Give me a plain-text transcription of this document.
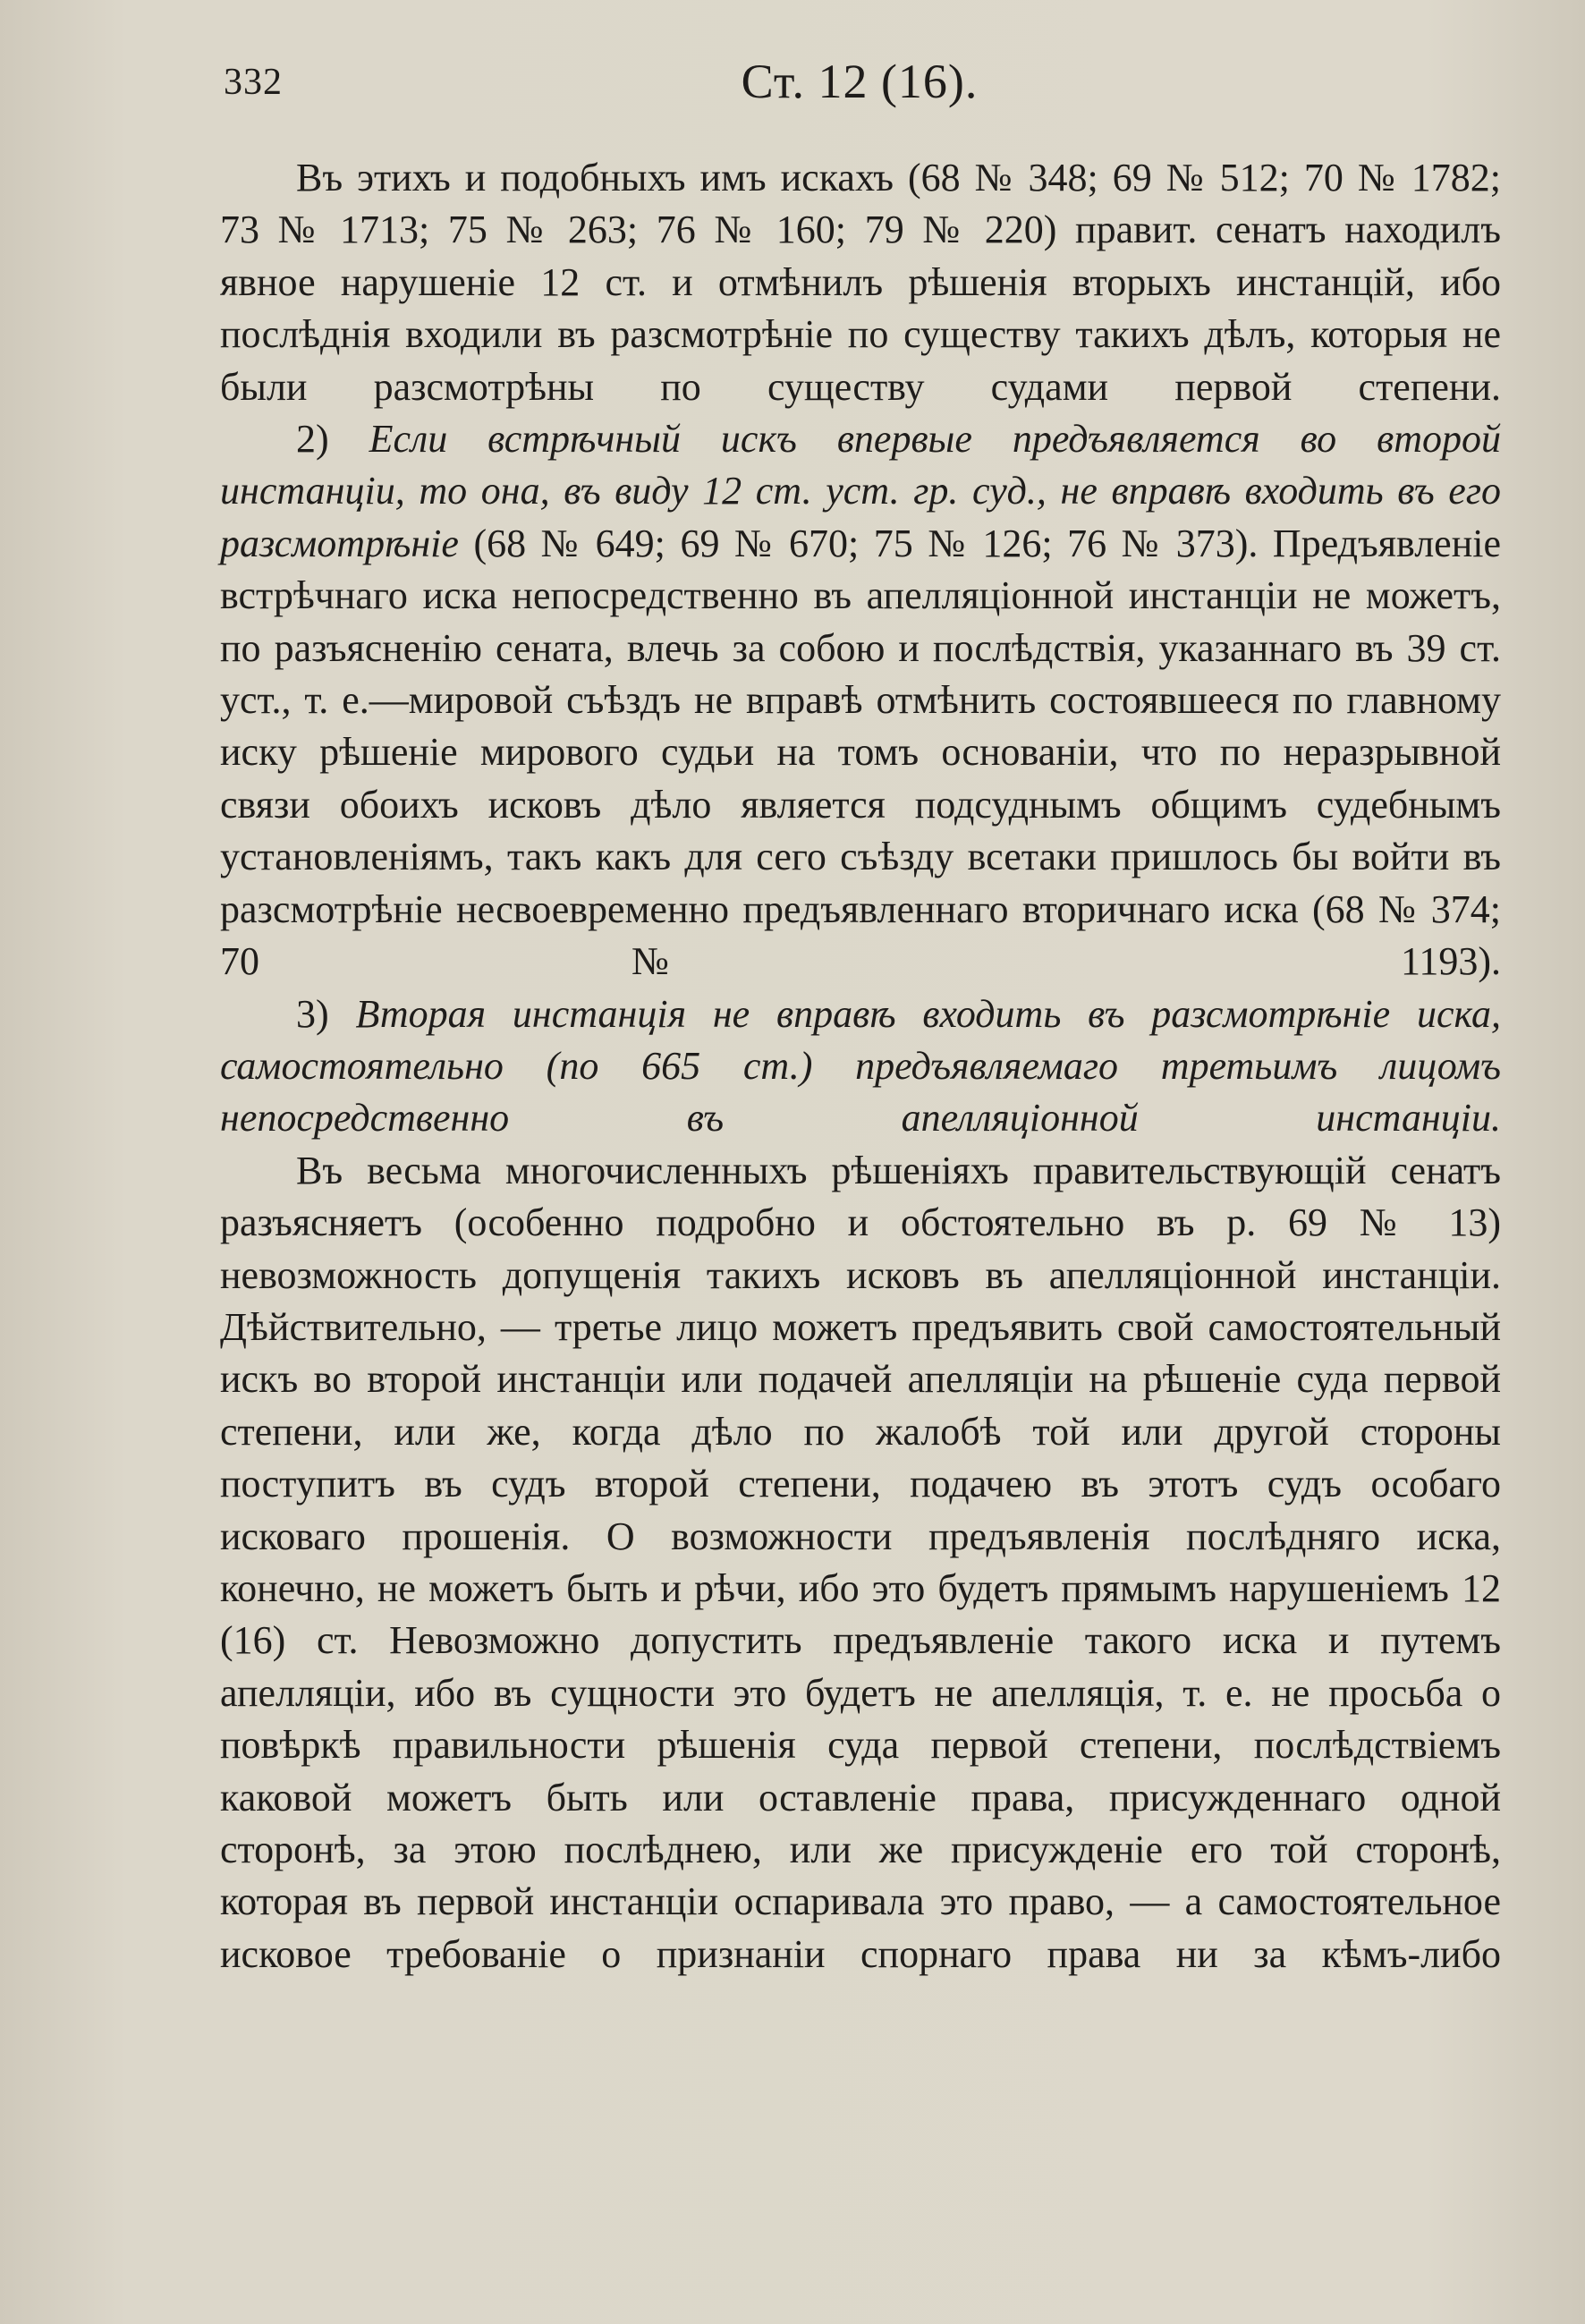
332	Ст. 12 (16).

Въ этихъ и подобныхъ имъ искахъ (68 № 348; 69 № 512; 70 № 1782; 73 № 1713; 75 № 263; 76 № 160; 79 № 220) правит. сенатъ находилъ явное нарушеніе 12 ст. и отмѣнилъ рѣшенія вторыхъ инстанцій, ибо послѣднія входили въ разсмотрѣніе по существу такихъ дѣлъ, которыя не были разсмотрѣны по существу судами первой степени.

2) Если встрѣчный искъ впервые предъявляется во второй инстанціи, то она, въ виду 12 ст. уст. гр. суд., не вправѣ входить въ его разсмотрѣніе (68 № 649; 69 № 670; 75 № 126; 76 № 373). Предъявленіе встрѣчнаго иска непосредственно въ апелляціонной инстанціи не можетъ, по разъясненію сената, влечь за собою и послѣдствія, указаннаго въ 39 ст. уст., т. е.—мировой съѣздъ не вправѣ отмѣнить состоявшееся по главному иску рѣшеніе мирового судьи на томъ основаніи, что по неразрывной связи обоихъ исковъ дѣло является подсуднымъ общимъ судебнымъ установленіямъ, такъ какъ для сего съѣзду всетаки пришлось бы войти въ разсмотрѣніе несвоевременно предъявленнаго вторичнаго иска (68 № 374; 70 № 1193).

3) Вторая инстанція не вправѣ входить въ разсмотрѣніе иска, самостоятельно (по 665 ст.) предъявляемаго третьимъ лицомъ непосредственно въ апелляціонной инстанціи.

Въ весьма многочисленныхъ рѣшеніяхъ правительствующій сенатъ разъясняетъ (особенно подробно и обстоятельно въ р. 69 № 13) невозможность допущенія такихъ исковъ въ апелляціонной инстанціи. Дѣйствительно, — третье лицо можетъ предъявить свой самостоятельный искъ во второй инстанціи или подачей апелляціи на рѣшеніе суда первой степени, или же, когда дѣло по жалобѣ той или другой стороны поступитъ въ судъ второй степени, подачею въ этотъ судъ особаго исковаго прошенія. О возможности предъявленія послѣдняго иска, конечно, не можетъ быть и рѣчи, ибо это будетъ прямымъ нарушеніемъ 12 (16) ст. Невозможно допустить предъявленіе такого иска и путемъ апелляціи, ибо въ сущности это будетъ не апелляція, т. е. не просьба о повѣркѣ правильности рѣшенія суда первой степени, послѣдствіемъ каковой можетъ быть или оставленіе права, присужденнаго одной сторонѣ, за этою послѣднею, или же присужденіе его той сторонѣ, которая въ первой инстанціи оспаривала это право, — а самостоятельное исковое требованіе о признаніи спорнаго права ни за кѣмъ-либо
